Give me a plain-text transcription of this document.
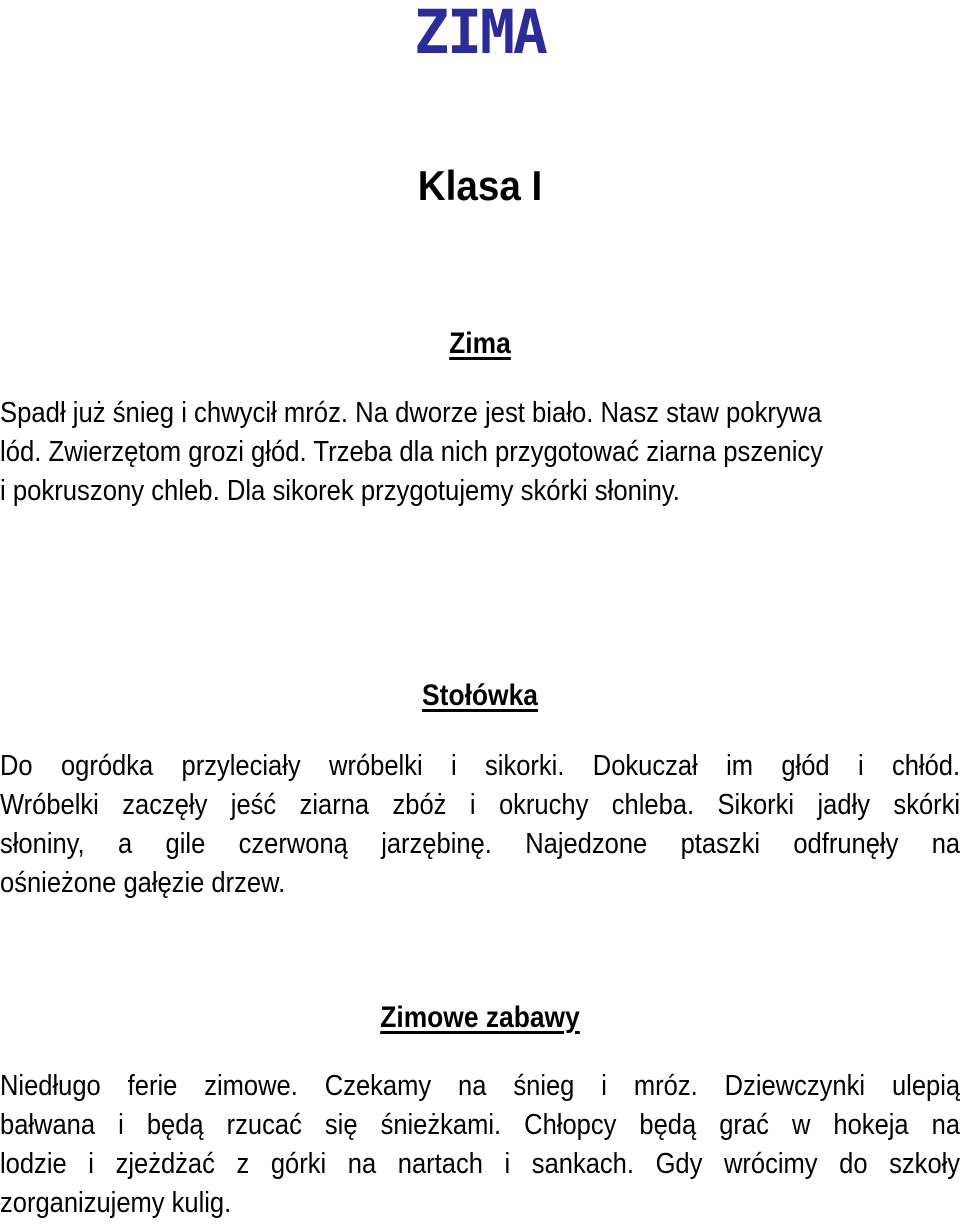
ZIMA
Klasa I
Zima
Spadł już śnieg i chwycił mróz. Na dworze jest biało. Nasz staw pokrywa
lód. Zwierzętom grozi głód. Trzeba dla nich przygotować ziarna pszenicy
i pokruszony chleb. Dla sikorek przygotujemy skórki słoniny.
Stołówka
Do ogródka przyleciały wróbelki i sikorki. Dokuczał im głód i chłód.
Wróbelki zaczęły jeść ziarna zbóż i okruchy chleba. Sikorki jadły skórki
słoniny, a gile czerwoną jarzębinę. Najedzone ptaszki odfrunęły na
ośnieżone gałęzie drzew.
Zimowe zabawy
Niedługo ferie zimowe. Czekamy na śnieg i mróz. Dziewczynki ulepią
bałwana i będą rzucać się śnieżkami. Chłopcy będą grać w hokeja na
lodzie i zjeżdżać z górki na nartach i sankach. Gdy wrócimy do szkoły
zorganizujemy kulig.
